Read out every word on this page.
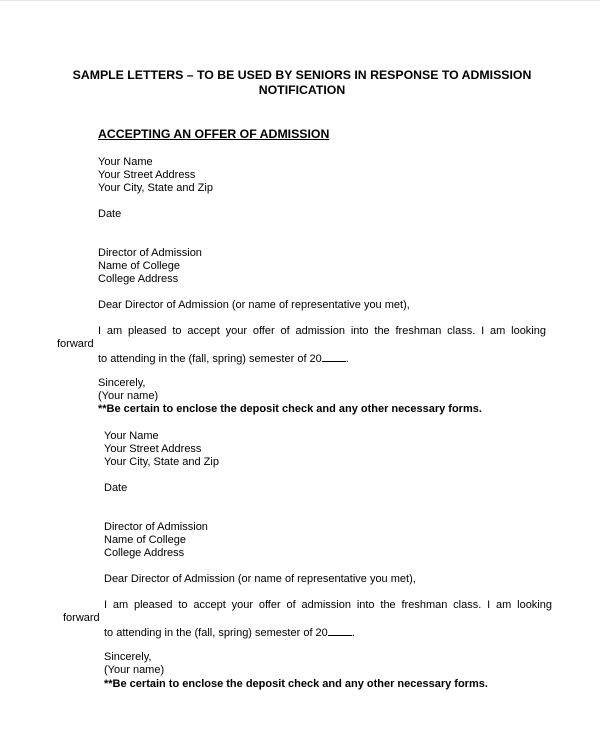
SAMPLE LETTERS – TO BE USED BY SENIORS IN RESPONSE TO ADMISSION
NOTIFICATION
ACCEPTING AN OFFER OF ADMISSION
Your Name
Your Street Address
Your City, State and Zip
Date
Director of Admission
Name of College
College Address
Dear Director of Admission (or name of representative you met),
I am pleased to accept your offer of admission into the freshman class. I am looking
forward
to attending in the (fall, spring) semester of 20 .
Sincerely,
(Your name)
**Be certain to enclose the deposit check and any other necessary forms.
Your Name
Your Street Address
Your City, State and Zip
Date
Director of Admission
Name of College
College Address
Dear Director of Admission (or name of representative you met),
I am pleased to accept your offer of admission into the freshman class. I am looking
forward
to attending in the (fall, spring) semester of 20 .
Sincerely,
(Your name)
**Be certain to enclose the deposit check and any other necessary forms.
